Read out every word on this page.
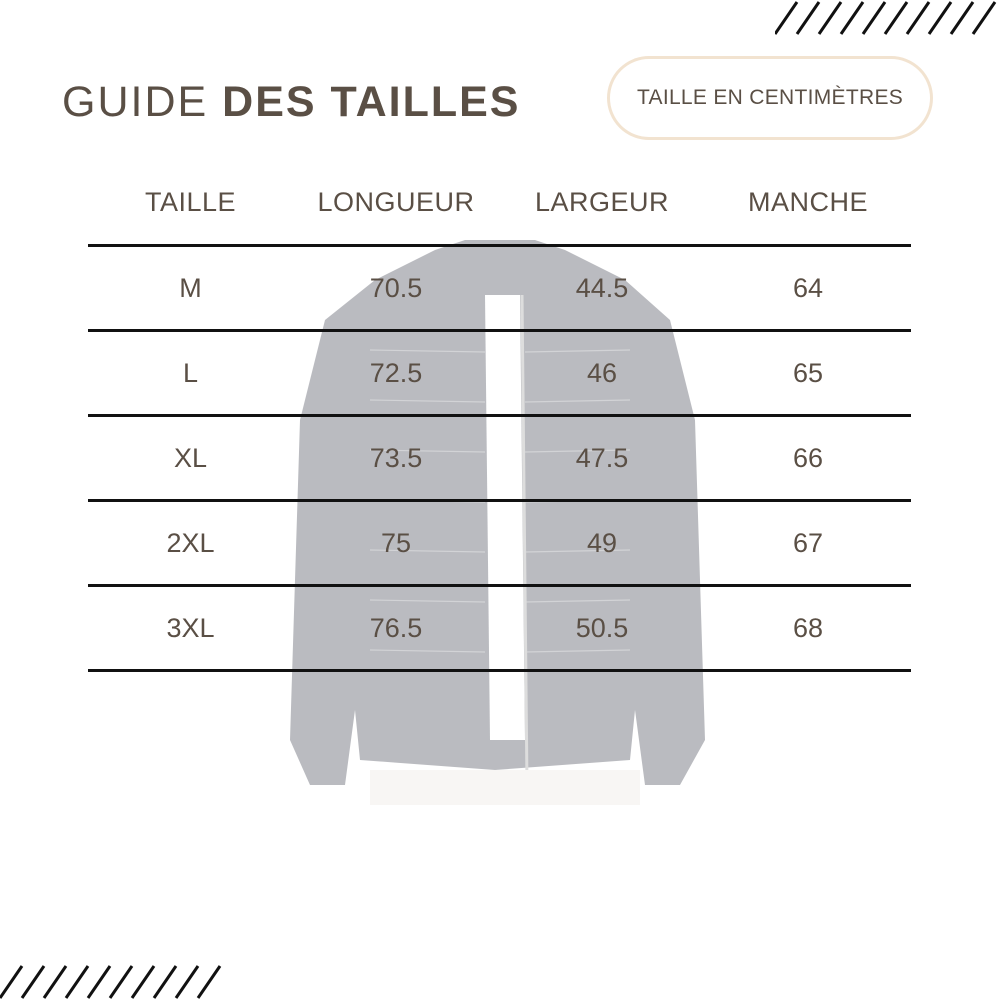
GUIDE DES TAILLES	TAILLE EN CENTIMÈTRES
TAILLE	LONGUEUR	LARGEUR	MANCHE
M	70.5	44.5	64
L	72.5	46	65
XL	73.5	47.5	66
2XL	75	49	67
3XL	76.5	50.5	68
